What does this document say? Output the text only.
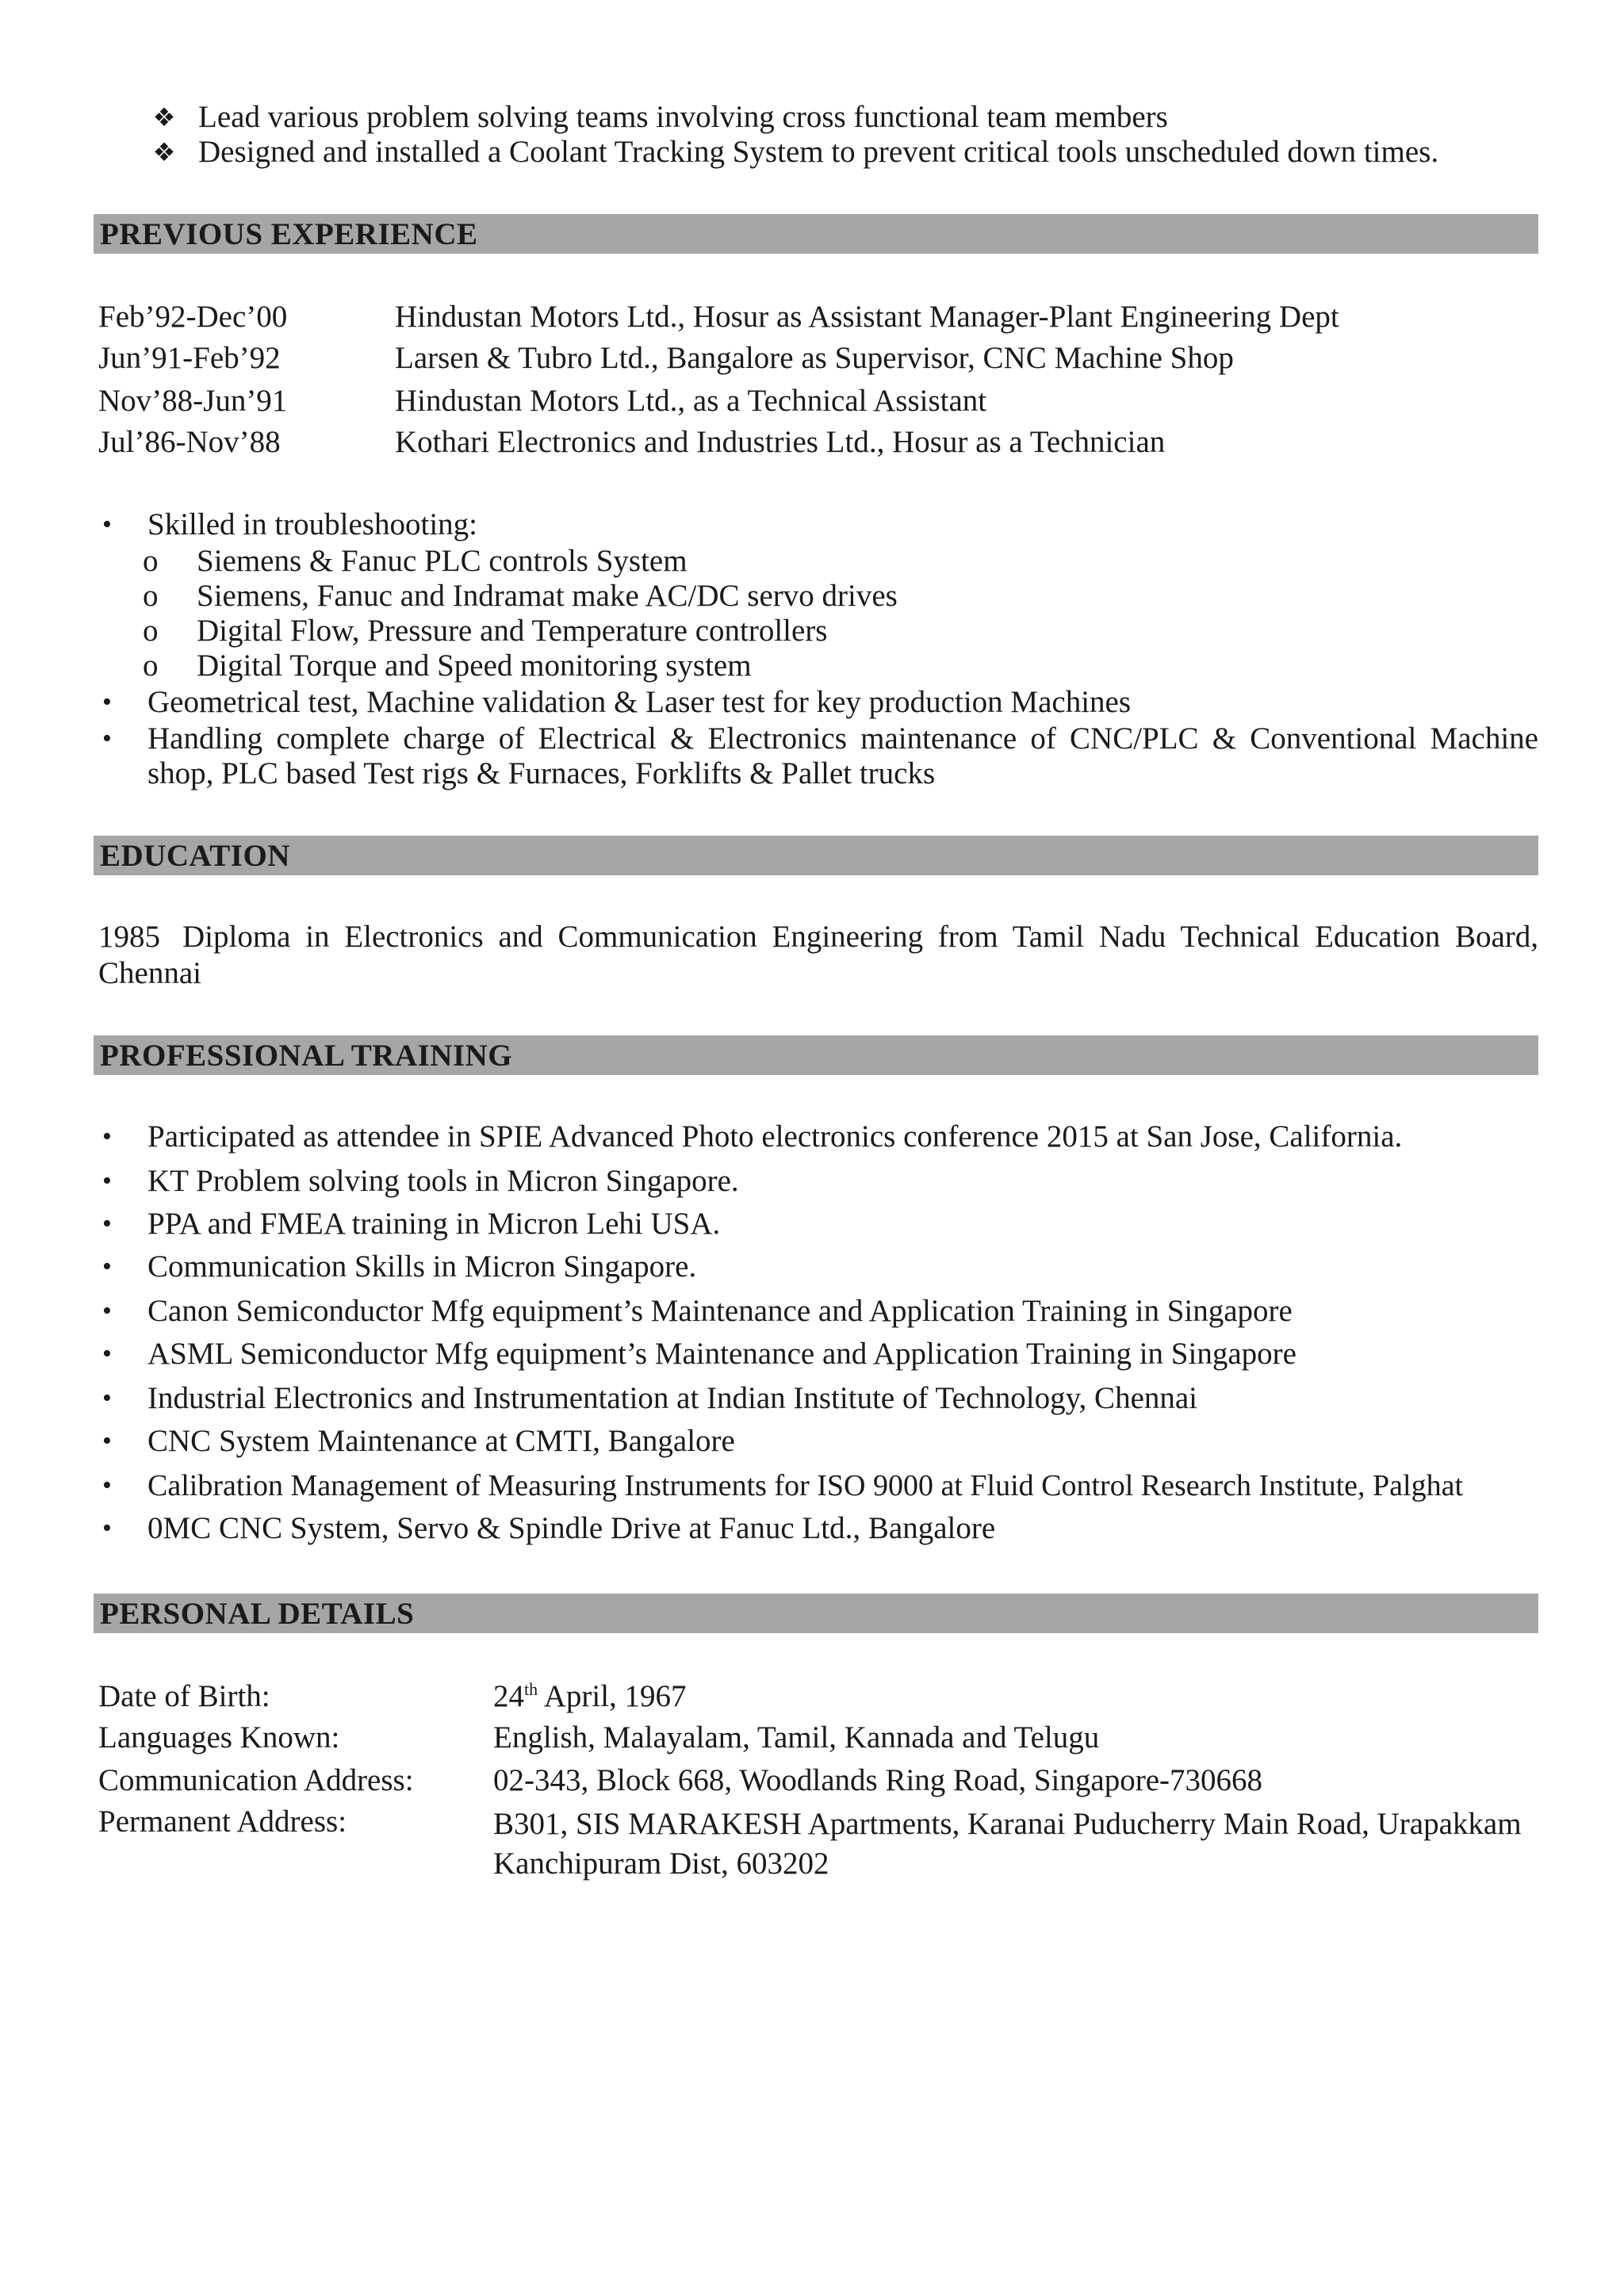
❖ Lead various problem solving teams involving cross functional team members
❖ Designed and installed a Coolant Tracking System to prevent critical tools unscheduled down times.
PREVIOUS EXPERIENCE
Feb’92-Dec’00	Hindustan Motors Ltd., Hosur as Assistant Manager-Plant Engineering Dept
Jun’91-Feb’92	Larsen & Tubro Ltd., Bangalore as Supervisor, CNC Machine Shop
Nov’88-Jun’91	Hindustan Motors Ltd., as a Technical Assistant
Jul’86-Nov’88	Kothari Electronics and Industries Ltd., Hosur as a Technician
• Skilled in troubleshooting:
o Siemens & Fanuc PLC controls System
o Siemens, Fanuc and Indramat make AC/DC servo drives
o Digital Flow, Pressure and Temperature controllers
o Digital Torque and Speed monitoring system
• Geometrical test, Machine validation & Laser test for key production Machines
• Handling complete charge of Electrical & Electronics maintenance of CNC/PLC & Conventional Machine
shop, PLC based Test rigs & Furnaces, Forklifts & Pallet trucks
EDUCATION
1985 Diploma in Electronics and Communication Engineering from Tamil Nadu Technical Education Board,
Chennai
PROFESSIONAL TRAINING
• Participated as attendee in SPIE Advanced Photo electronics conference 2015 at San Jose, California.
• KT Problem solving tools in Micron Singapore.
• PPA and FMEA training in Micron Lehi USA.
• Communication Skills in Micron Singapore.
• Canon Semiconductor Mfg equipment’s Maintenance and Application Training in Singapore
• ASML Semiconductor Mfg equipment’s Maintenance and Application Training in Singapore
• Industrial Electronics and Instrumentation at Indian Institute of Technology, Chennai
• CNC System Maintenance at CMTI, Bangalore
• Calibration Management of Measuring Instruments for ISO 9000 at Fluid Control Research Institute, Palghat
• 0MC CNC System, Servo & Spindle Drive at Fanuc Ltd., Bangalore
PERSONAL DETAILS
Date of Birth:	24th April, 1967
Languages Known:	English, Malayalam, Tamil, Kannada and Telugu
Communication Address:	02-343, Block 668, Woodlands Ring Road, Singapore-730668
Permanent Address:	B301, SIS MARAKESH Apartments, Karanai Puducherry Main Road, Urapakkam
Kanchipuram Dist, 603202
